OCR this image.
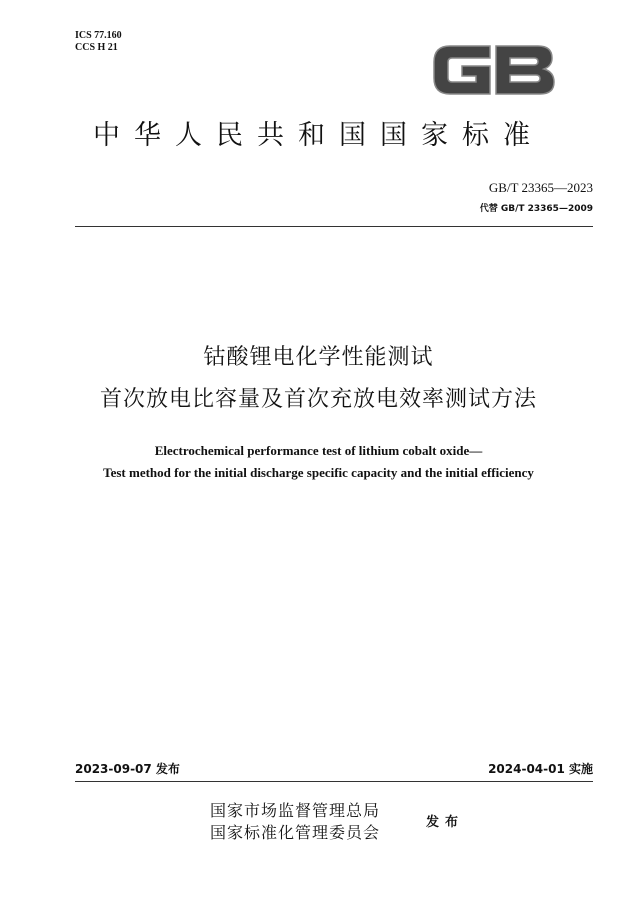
ICS 77.160
CCS H 21
中华人民共和国国家标准
GB/T 23365—2023
代替 GB/T 23365—2009
钴酸锂电化学性能测试
首次放电比容量及首次充放电效率测试方法
Electrochemical performance test of lithium cobalt oxide—
Test method for the initial discharge specific capacity and the initial efficiency
2023-09-07 发布	2024-04-01 实施
国家市场监督管理总局
国家标准化管理委员会
发布
